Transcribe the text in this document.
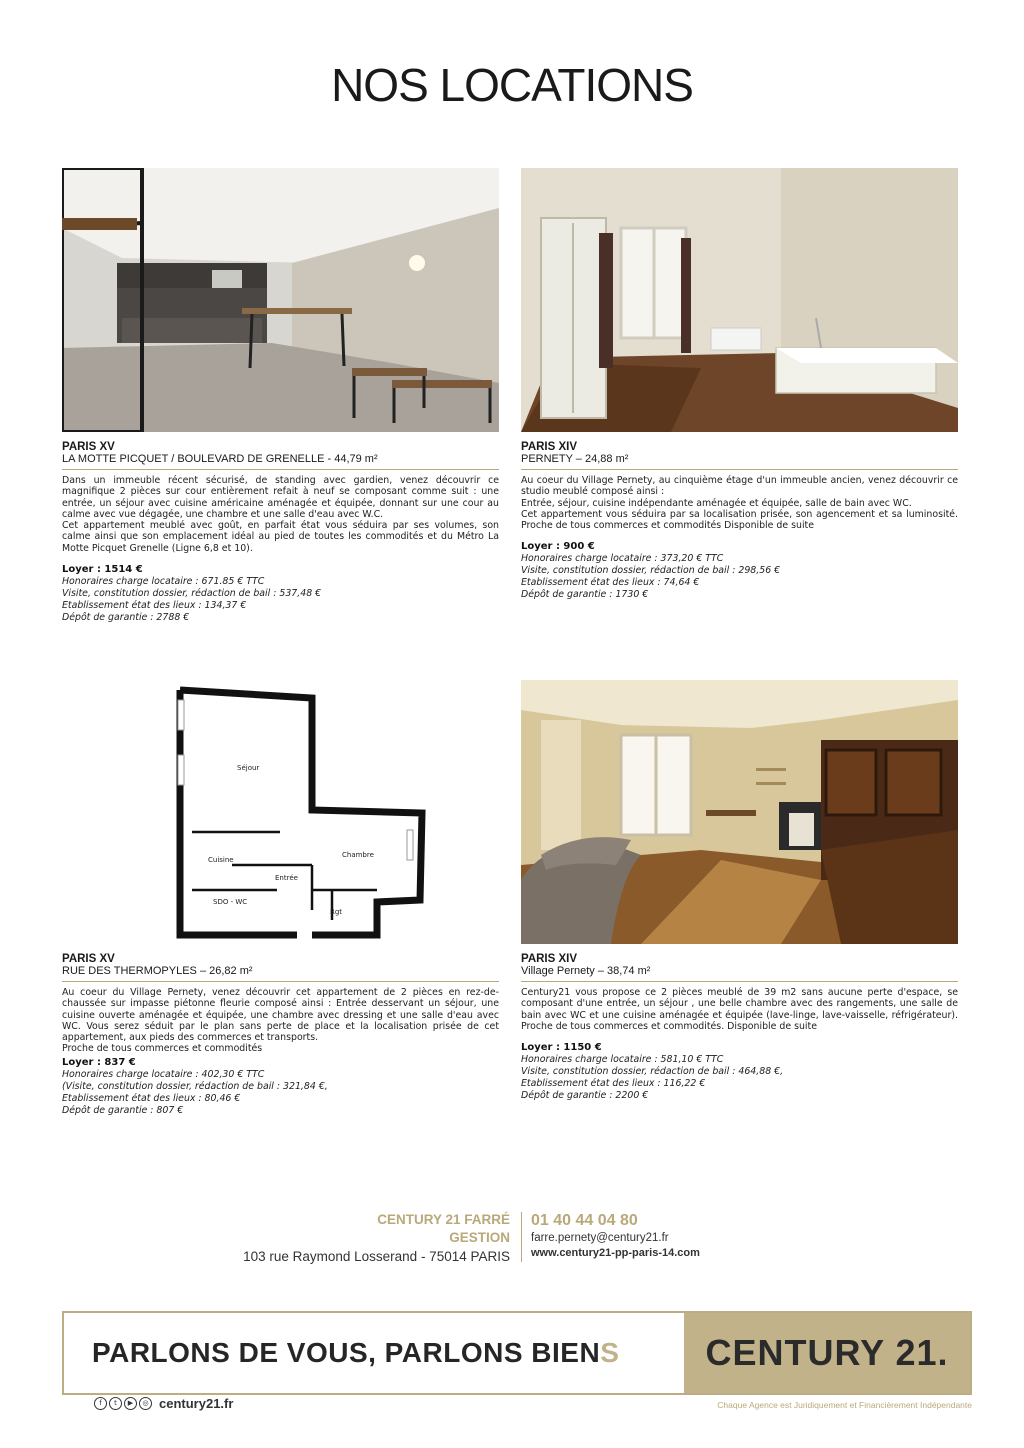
NOS LOCATIONS
PARIS XV
LA MOTTE PICQUET / BOULEVARD DE GRENELLE - 44,79 m²
Dans un immeuble récent sécurisé, de standing avec gardien, venez découvrir ce magnifique 2 pièces sur cour entièrement refait à neuf se composant comme suit : une entrée, un séjour avec cuisine américaine aménagée et équipée, donnant sur une cour au calme avec vue dégagée, une chambre et une salle d'eau avec W.C.
Cet appartement meublé avec goût, en parfait état vous séduira par ses volumes, son calme ainsi que son emplacement idéal au pied de toutes les commodités et du Métro La Motte Picquet Grenelle (Ligne 6,8 et 10).
Loyer : 1514 €
Honoraires charge locataire : 671.85 € TTC
Visite, constitution dossier, rédaction de bail : 537,48 €
Etablissement état des lieux : 134,37 €
Dépôt de garantie : 2788 €
PARIS XIV
PERNETY – 24,88 m²
Au coeur du Village Pernety, au cinquième étage d'un immeuble ancien, venez découvrir ce studio meublé composé ainsi :
Entrée, séjour, cuisine indépendante aménagée et équipée, salle de bain avec WC.
Cet appartement vous séduira par sa localisation prisée, son agencement et sa luminosité. Proche de tous commerces et commodités Disponible de suite
Loyer : 900 €
Honoraires charge locataire : 373,20 € TTC
Visite, constitution dossier, rédaction de bail : 298,56 €
Etablissement état des lieux : 74,64 €
Dépôt de garantie : 1730 €
Séjour
Cuisine
Entrée
Chambre
SDO - WC
Rgt
PARIS XV
RUE DES THERMOPYLES – 26,82 m²
Au coeur du Village Pernety, venez découvrir cet appartement de 2 pièces en rez-de-chaussée sur impasse piétonne fleurie composé ainsi : Entrée desservant un séjour, une cuisine ouverte aménagée et équipée, une chambre avec dressing et une salle d'eau avec WC. Vous serez séduit par le plan sans perte de place et la localisation prisée de cet appartement, aux pieds des commerces et transports.
Proche de tous commerces et commodités
Loyer : 837 €
Honoraires charge locataire : 402,30 € TTC
(Visite, constitution dossier, rédaction de bail : 321,84 €,
Etablissement état des lieux : 80,46 €
Dépôt de garantie : 807 €
PARIS XIV
Village Pernety – 38,74 m²
Century21 vous propose ce 2 pièces meublé de 39 m2 sans aucune perte d'espace, se composant d'une entrée, un séjour , une belle chambre avec des rangements, une salle de bain avec WC et une cuisine aménagée et équipée (lave-linge, lave-vaisselle, réfrigérateur). Proche de tous commerces et commodités. Disponible de suite
Loyer : 1150 €
Honoraires charge locataire : 581,10 € TTC
Visite, constitution dossier, rédaction de bail : 464,88 €,
Etablissement état des lieux : 116,22 €
Dépôt de garantie : 2200 €
CENTURY 21 FARRÉ
GESTION
103 rue Raymond Losserand - 75014 PARIS
01 40 44 04 80
farre.pernety@century21.fr
www.century21-pp-paris-14.com
PARLONS DE VOUS, PARLONS BIEN S	CENTURY 21.
f	t	▶	◎ century21.fr	Chaque Agence est Juridiquement et Financièrement Indépendante
